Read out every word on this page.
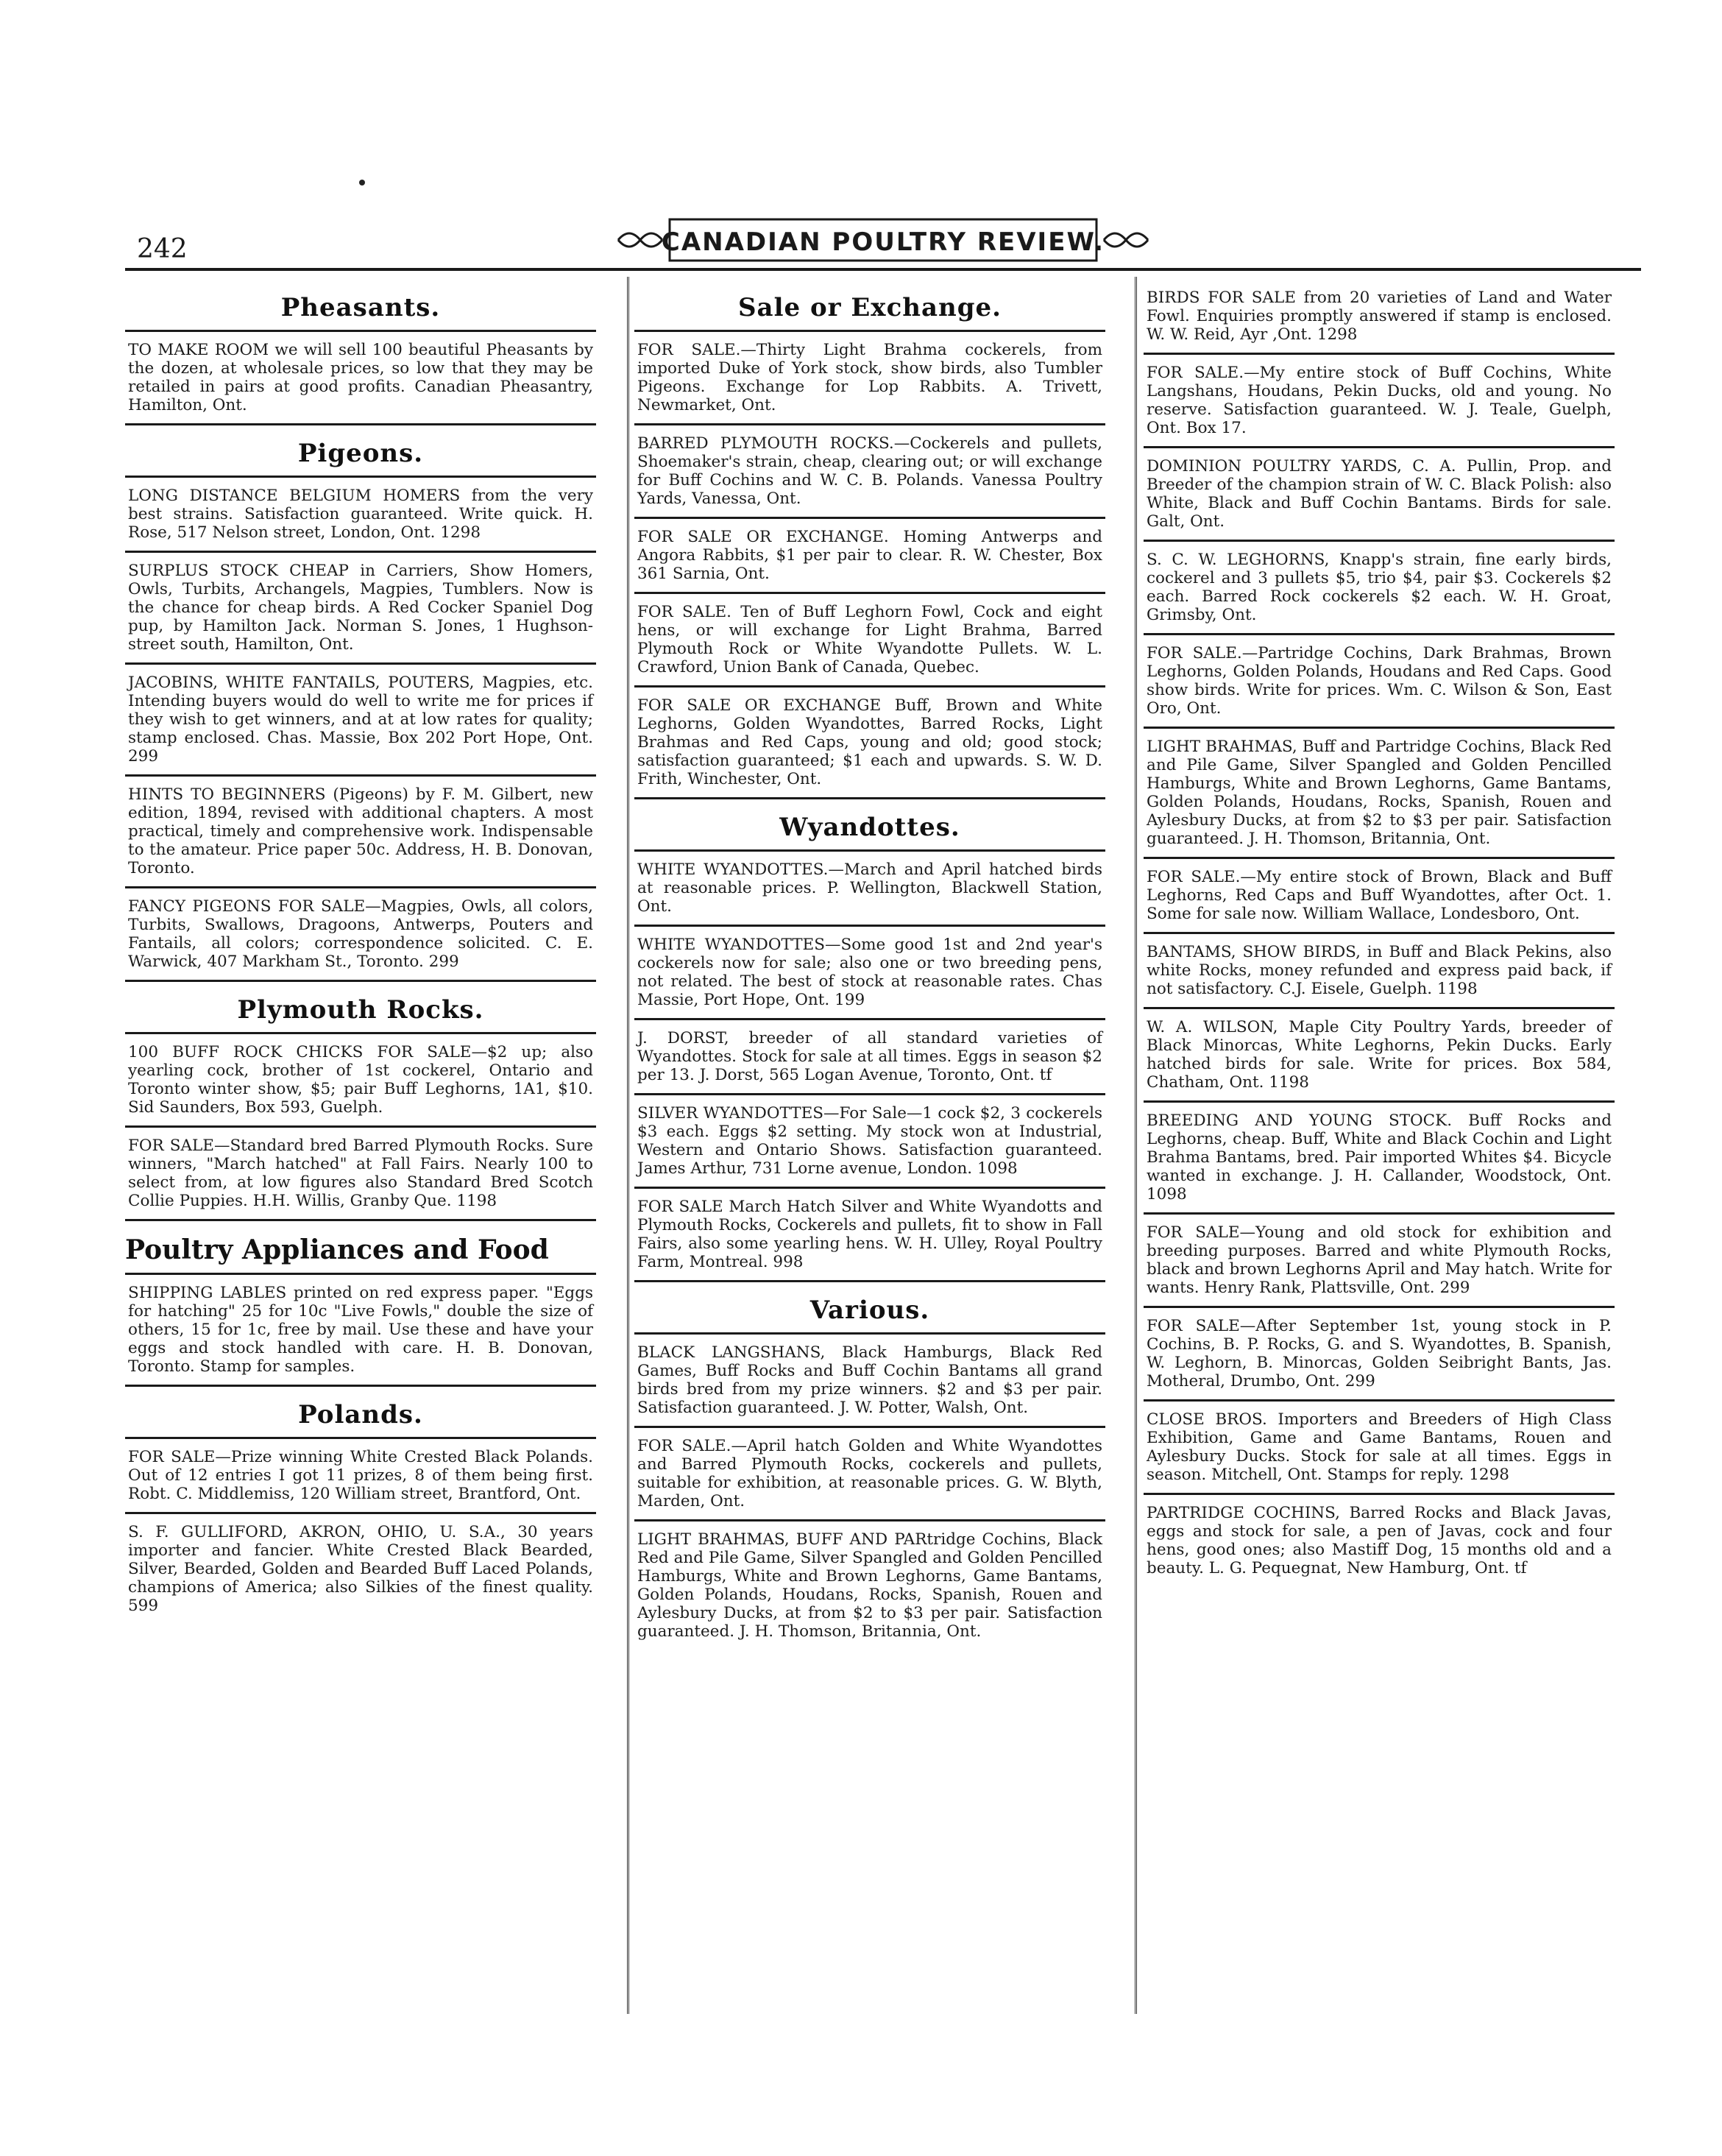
242	CANADIAN POULTRY REVIEW.
Pheasants.
TO MAKE ROOM we will sell 100 beautiful Pheasants by the dozen, at wholesale prices, so low that they may be retailed in pairs at good profits. Canadian Pheasantry, Hamilton, Ont.
Pigeons.
LONG DISTANCE BELGIUM HOMERS from the very best strains. Satisfaction guaranteed. Write quick. H. Rose, 517 Nelson street, London, Ont. 1298
SURPLUS STOCK CHEAP in Carriers, Show Homers, Owls, Turbits, Archangels, Magpies, Tumblers. Now is the chance for cheap birds. A Red Cocker Spaniel Dog pup, by Hamilton Jack. Norman S. Jones, 1 Hughson-street south, Hamilton, Ont.
JACOBINS, WHITE FANTAILS, POUTERS, Magpies, etc. Intending buyers would do well to write me for prices if they wish to get winners, and at at low rates for quality; stamp enclosed. Chas. Massie, Box 202 Port Hope, Ont. 299
HINTS TO BEGINNERS (Pigeons) by F. M. Gilbert, new edition, 1894, revised with additional chapters. A most practical, timely and comprehensive work. Indispensable to the amateur. Price paper 50c. Address, H. B. Donovan, Toronto.
FANCY PIGEONS FOR SALE—Magpies, Owls, all colors, Turbits, Swallows, Dragoons, Antwerps, Pouters and Fantails, all colors; correspondence solicited. C. E. Warwick, 407 Markham St., Toronto. 299
Plymouth Rocks.
100 BUFF ROCK CHICKS FOR SALE—$2 up; also yearling cock, brother of 1st cockerel, Ontario and Toronto winter show, $5; pair Buff Leghorns, 1A1, $10. Sid Saunders, Box 593, Guelph.
FOR SALE—Standard bred Barred Plymouth Rocks. Sure winners, "March hatched" at Fall Fairs. Nearly 100 to select from, at low figures also Standard Bred Scotch Collie Puppies. H.H. Willis, Granby Que. 1198
Poultry Appliances and Food
SHIPPING LABLES printed on red express paper. "Eggs for hatching" 25 for 10c "Live Fowls," double the size of others, 15 for 1c, free by mail. Use these and have your eggs and stock handled with care. H. B. Donovan, Toronto. Stamp for samples.
Polands.
FOR SALE—Prize winning White Crested Black Polands. Out of 12 entries I got 11 prizes, 8 of them being first. Robt. C. Middlemiss, 120 William street, Brantford, Ont.
S. F. GULLIFORD, AKRON, OHIO, U. S.A., 30 years importer and fancier. White Crested Black Bearded, Silver, Bearded, Golden and Bearded Buff Laced Polands, champions of America; also Silkies of the finest quality. 599
Sale or Exchange.
FOR SALE.—Thirty Light Brahma cockerels, from imported Duke of York stock, show birds, also Tumbler Pigeons. Exchange for Lop Rabbits. A. Trivett, Newmarket, Ont.
BARRED PLYMOUTH ROCKS.—Cockerels and pullets, Shoemaker's strain, cheap, clearing out; or will exchange for Buff Cochins and W. C. B. Polands. Vanessa Poultry Yards, Vanessa, Ont.
FOR SALE OR EXCHANGE. Homing Antwerps and Angora Rabbits, $1 per pair to clear. R. W. Chester, Box 361 Sarnia, Ont.
FOR SALE. Ten of Buff Leghorn Fowl, Cock and eight hens, or will exchange for Light Brahma, Barred Plymouth Rock or White Wyandotte Pullets. W. L. Crawford, Union Bank of Canada, Quebec.
FOR SALE OR EXCHANGE Buff, Brown and White Leghorns, Golden Wyandottes, Barred Rocks, Light Brahmas and Red Caps, young and old; good stock; satisfaction guaranteed; $1 each and upwards. S. W. D. Frith, Winchester, Ont.
Wyandottes.
WHITE WYANDOTTES.—March and April hatched birds at reasonable prices. P. Wellington, Blackwell Station, Ont.
WHITE WYANDOTTES—Some good 1st and 2nd year's cockerels now for sale; also one or two breeding pens, not related. The best of stock at reasonable rates. Chas Massie, Port Hope, Ont. 199
J. DORST, breeder of all standard varieties of Wyandottes. Stock for sale at all times. Eggs in season $2 per 13. J. Dorst, 565 Logan Avenue, Toronto, Ont. tf
SILVER WYANDOTTES—For Sale—1 cock $2, 3 cockerels $3 each. Eggs $2 setting. My stock won at Industrial, Western and Ontario Shows. Satisfaction guaranteed. James Arthur, 731 Lorne avenue, London. 1098
FOR SALE March Hatch Silver and White Wyandotts and Plymouth Rocks, Cockerels and pullets, fit to show in Fall Fairs, also some yearling hens. W. H. Ulley, Royal Poultry Farm, Montreal. 998
Various.
BLACK LANGSHANS, Black Hamburgs, Black Red Games, Buff Rocks and Buff Cochin Bantams all grand birds bred from my prize winners. $2 and $3 per pair. Satisfaction guaranteed. J. W. Potter, Walsh, Ont.
FOR SALE.—April hatch Golden and White Wyandottes and Barred Plymouth Rocks, cockerels and pullets, suitable for exhibition, at reasonable prices. G. W. Blyth, Marden, Ont.
LIGHT BRAHMAS, BUFF AND PARtridge Cochins, Black Red and Pile Game, Silver Spangled and Golden Pencilled Hamburgs, White and Brown Leghorns, Game Bantams, Golden Polands, Houdans, Rocks, Spanish, Rouen and Aylesbury Ducks, at from $2 to $3 per pair. Satisfaction guaranteed. J. H. Thomson, Britannia, Ont.
BIRDS FOR SALE from 20 varieties of Land and Water Fowl. Enquiries promptly answered if stamp is enclosed. W. W. Reid, Ayr ,Ont. 1298
FOR SALE.—My entire stock of Buff Cochins, White Langshans, Houdans, Pekin Ducks, old and young. No reserve. Satisfaction guaranteed. W. J. Teale, Guelph, Ont. Box 17.
DOMINION POULTRY YARDS, C. A. Pullin, Prop. and Breeder of the champion strain of W. C. Black Polish: also White, Black and Buff Cochin Bantams. Birds for sale. Galt, Ont.
S. C. W. LEGHORNS, Knapp's strain, fine early birds, cockerel and 3 pullets $5, trio $4, pair $3. Cockerels $2 each. Barred Rock cockerels $2 each. W. H. Groat, Grimsby, Ont.
FOR SALE.—Partridge Cochins, Dark Brahmas, Brown Leghorns, Golden Polands, Houdans and Red Caps. Good show birds. Write for prices. Wm. C. Wilson & Son, East Oro, Ont.
LIGHT BRAHMAS, Buff and Partridge Cochins, Black Red and Pile Game, Silver Spangled and Golden Pencilled Hamburgs, White and Brown Leghorns, Game Bantams, Golden Polands, Houdans, Rocks, Spanish, Rouen and Aylesbury Ducks, at from $2 to $3 per pair. Satisfaction guaranteed. J. H. Thomson, Britannia, Ont.
FOR SALE.—My entire stock of Brown, Black and Buff Leghorns, Red Caps and Buff Wyandottes, after Oct. 1. Some for sale now. William Wallace, Londesboro, Ont.
BANTAMS, SHOW BIRDS, in Buff and Black Pekins, also white Rocks, money refunded and express paid back, if not satisfactory. C.J. Eisele, Guelph. 1198
W. A. WILSON, Maple City Poultry Yards, breeder of Black Minorcas, White Leghorns, Pekin Ducks. Early hatched birds for sale. Write for prices. Box 584, Chatham, Ont. 1198
BREEDING AND YOUNG STOCK. Buff Rocks and Leghorns, cheap. Buff, White and Black Cochin and Light Brahma Bantams, bred. Pair imported Whites $4. Bicycle wanted in exchange. J. H. Callander, Woodstock, Ont. 1098
FOR SALE—Young and old stock for exhibition and breeding purposes. Barred and white Plymouth Rocks, black and brown Leghorns April and May hatch. Write for wants. Henry Rank, Plattsville, Ont. 299
FOR SALE—After September 1st, young stock in P. Cochins, B. P. Rocks, G. and S. Wyandottes, B. Spanish, W. Leghorn, B. Minorcas, Golden Seibright Bants, Jas. Motheral, Drumbo, Ont. 299
CLOSE BROS. Importers and Breeders of High Class Exhibition, Game and Game Bantams, Rouen and Aylesbury Ducks. Stock for sale at all times. Eggs in season. Mitchell, Ont. Stamps for reply. 1298
PARTRIDGE COCHINS, Barred Rocks and Black Javas, eggs and stock for sale, a pen of Javas, cock and four hens, good ones; also Mastiff Dog, 15 months old and a beauty. L. G. Pequegnat, New Hamburg, Ont. tf
